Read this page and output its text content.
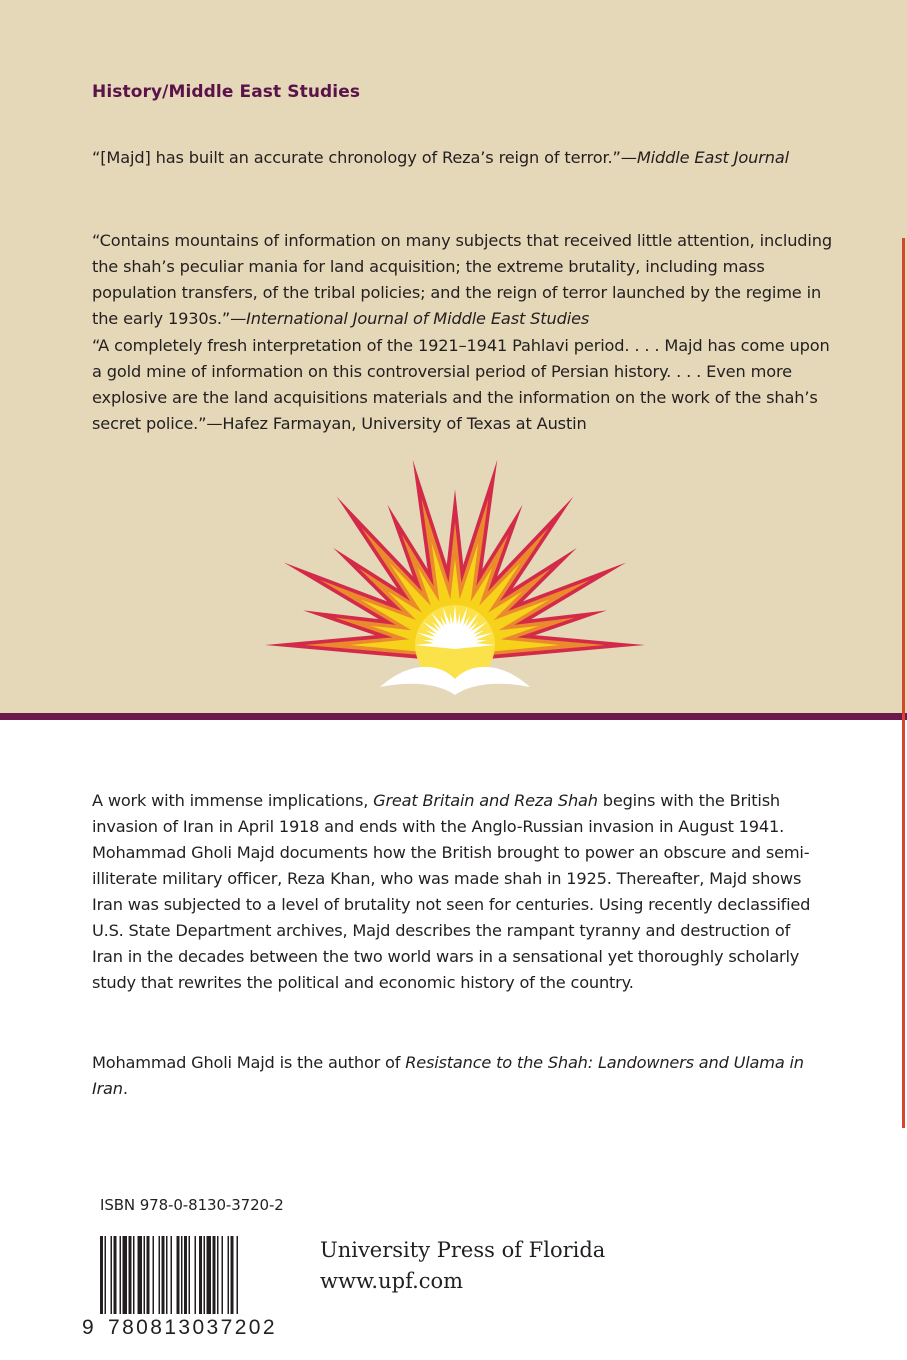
History/Middle East Studies

“[Majd] has built an accurate chronology of Reza’s reign of terror.”—Middle East Journal

“Contains mountains of information on many subjects that received little attention, including the shah’s peculiar mania for land acquisition; the extreme brutality, including mass population transfers, of the tribal policies; and the reign of terror launched by the regime in the early 1930s.”—International Journal of Middle East Studies

“A completely fresh interpretation of the 1921–1941 Pahlavi period. . . . Majd has come upon a gold mine of information on this controversial period of Persian history. . . . Even more explosive are the land acquisitions materials and the information on the work of the shah’s secret police.”—Hafez Farmayan, University of Texas at Austin

A work with immense implications, Great Britain and Reza Shah begins with the British invasion of Iran in April 1918 and ends with the Anglo-Russian invasion in August 1941. Mohammad Gholi Majd documents how the British brought to power an obscure and semi-illiterate military officer, Reza Khan, who was made shah in 1925. Thereafter, Majd shows Iran was subjected to a level of brutality not seen for centuries. Using recently declassified U.S. State Department archives, Majd describes the rampant tyranny and destruction of Iran in the decades between the two world wars in a sensational yet thoroughly scholarly study that rewrites the political and economic history of the country.

Mohammad Gholi Majd is the author of Resistance to the Shah: Landowners and Ulama in Iran.

ISBN 978-0-8130-3720-2

9 780813037202
University Press of Florida
www.upf.com
